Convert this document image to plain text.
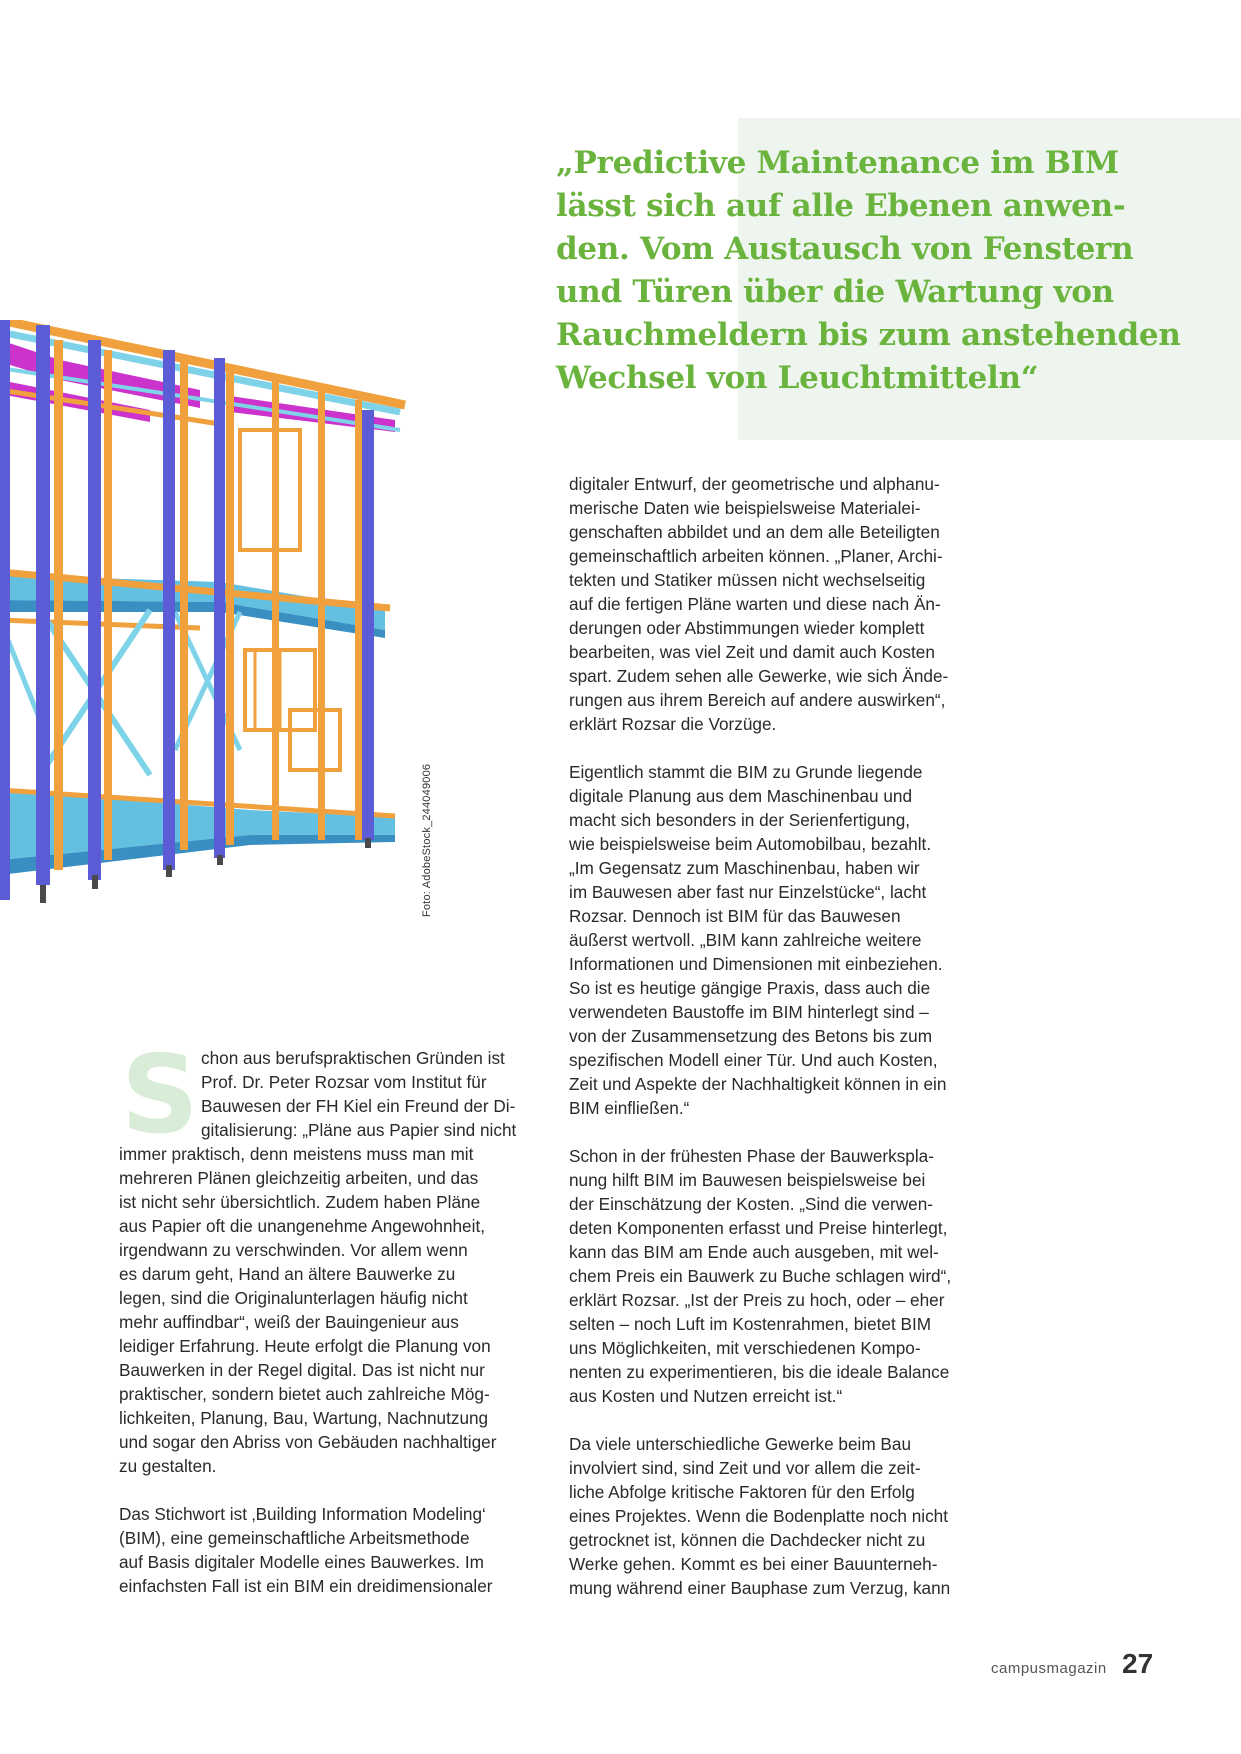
„Predictive Maintenance im BIM
lässt sich auf alle Ebenen anwen-
den. Vom Austausch von Fenstern
und Türen über die Wartung von
Rauchmeldern bis zum anstehenden
Wechsel von Leuchtmitteln“
Foto: AdobeStock_244049006
S chon aus berufspraktischen Gründen ist
Prof. Dr. Peter Rozsar vom Institut für
Bauwesen der FH Kiel ein Freund der Di-
gitalisierung: „Pläne aus Papier sind nicht
immer praktisch, denn meistens muss man mit
mehreren Plänen gleichzeitig arbeiten, und das
ist nicht sehr übersichtlich. Zudem haben Pläne
aus Papier oft die unangenehme Angewohnheit,
irgendwann zu verschwinden. Vor allem wenn
es darum geht, Hand an ältere Bauwerke zu
legen, sind die Originalunterlagen häufig nicht
mehr auffindbar“, weiß der Bauingenieur aus
leidiger Erfahrung. Heute erfolgt die Planung von
Bauwerken in der Regel digital. Das ist nicht nur
praktischer, sondern bietet auch zahlreiche Mög-
lichkeiten, Planung, Bau, Wartung, Nachnutzung
und sogar den Abriss von Gebäuden nachhaltiger
zu gestalten.
Das Stichwort ist ‚Building Information Modeling‘
(BIM), eine gemeinschaftliche Arbeitsmethode
auf Basis digitaler Modelle eines Bauwerkes. Im
einfachsten Fall ist ein BIM ein dreidimensionaler
digitaler Entwurf, der geometrische und alphanu-
merische Daten wie beispielsweise Materialei-
genschaften abbildet und an dem alle Beteiligten
gemeinschaftlich arbeiten können. „Planer, Archi-
tekten und Statiker müssen nicht wechselseitig
auf die fertigen Pläne warten und diese nach Än-
derungen oder Abstimmungen wieder komplett
bearbeiten, was viel Zeit und damit auch Kosten
spart. Zudem sehen alle Gewerke, wie sich Ände-
rungen aus ihrem Bereich auf andere auswirken“,
erklärt Rozsar die Vorzüge.
Eigentlich stammt die BIM zu Grunde liegende
digitale Planung aus dem Maschinenbau und
macht sich besonders in der Serienfertigung,
wie beispielsweise beim Automobilbau, bezahlt.
„Im Gegensatz zum Maschinenbau, haben wir
im Bauwesen aber fast nur Einzelstücke“, lacht
Rozsar. Dennoch ist BIM für das Bauwesen
äußerst wertvoll. „BIM kann zahlreiche weitere
Informationen und Dimensionen mit einbeziehen.
So ist es heutige gängige Praxis, dass auch die
verwendeten Baustoffe im BIM hinterlegt sind –
von der Zusammensetzung des Betons bis zum
spezifischen Modell einer Tür. Und auch Kosten,
Zeit und Aspekte der Nachhaltigkeit können in ein
BIM einfließen.“
Schon in der frühesten Phase der Bauwerkspla-
nung hilft BIM im Bauwesen beispielsweise bei
der Einschätzung der Kosten. „Sind die verwen-
deten Komponenten erfasst und Preise hinterlegt,
kann das BIM am Ende auch ausgeben, mit wel-
chem Preis ein Bauwerk zu Buche schlagen wird“,
erklärt Rozsar. „Ist der Preis zu hoch, oder – eher
selten – noch Luft im Kostenrahmen, bietet BIM
uns Möglichkeiten, mit verschiedenen Kompo-
nenten zu experimentieren, bis die ideale Balance
aus Kosten und Nutzen erreicht ist.“
Da viele unterschiedliche Gewerke beim Bau
involviert sind, sind Zeit und vor allem die zeit-
liche Abfolge kritische Faktoren für den Erfolg
eines Projektes. Wenn die Bodenplatte noch nicht
getrocknet ist, können die Dachdecker nicht zu
Werke gehen. Kommt es bei einer Bauunterneh-
mung während einer Bauphase zum Verzug, kann
campusmagazin 27
